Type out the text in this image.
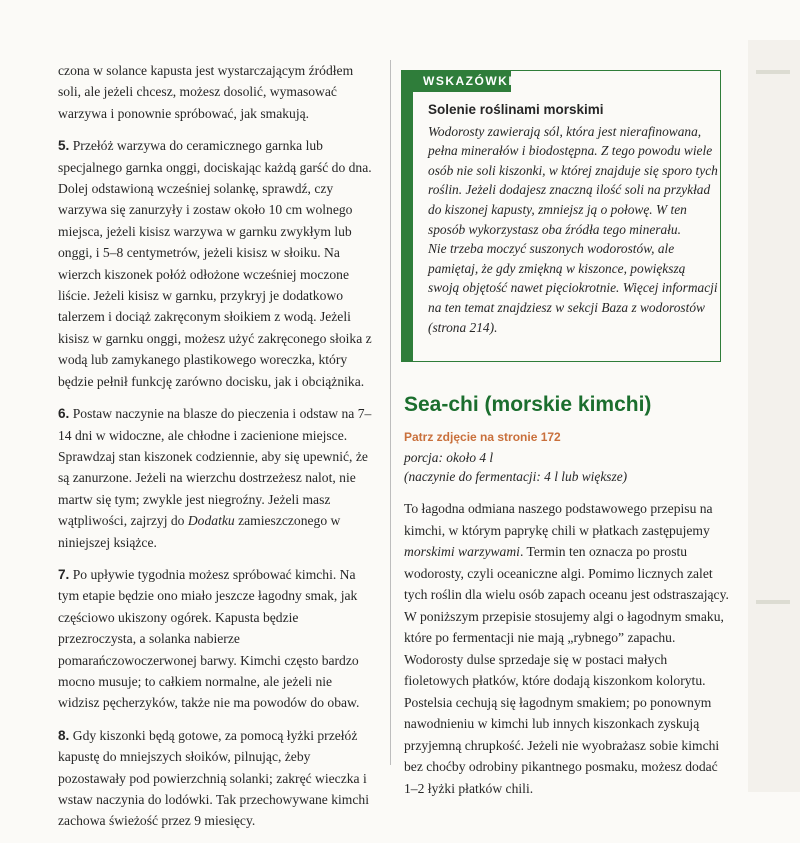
czona w solance kapusta jest wystarczającym źródłem soli, ale jeżeli chcesz, możesz dosolić, wymasować warzywa i ponownie spróbować, jak smakują.

5. Przełóż warzywa do ceramicznego garnka lub specjalnego garnka onggi, dociskając każdą garść do dna. Dolej odstawioną wcześniej solankę, sprawdź, czy warzywa się zanurzyły i zostaw około 10 cm wolnego miejsca, jeżeli kisisz warzywa w garnku zwykłym lub onggi, i 5–8 centymetrów, jeżeli kisisz w słoiku. Na wierzch kiszonek połóż odłożone wcześniej moczone liście. Jeżeli kisisz w garnku, przykryj je dodatkowo talerzem i dociąż zakręconym słoikiem z wodą. Jeżeli kisisz w garnku onggi, możesz użyć zakręconego słoika z wodą lub zamykanego plastikowego woreczka, który będzie pełnił funkcję zarówno docisku, jak i obciążnika.

6. Postaw naczynie na blasze do pieczenia i odstaw na 7–14 dni w widoczne, ale chłodne i zacienione miejsce. Sprawdzaj stan kiszonek codziennie, aby się upewnić, że są zanurzone. Jeżeli na wierzchu dostrzeżesz nalot, nie martw się tym; zwykle jest niegroźny. Jeżeli masz wątpliwości, zajrzyj do Dodatku zamieszczonego w niniejszej książce.

7. Po upływie tygodnia możesz spróbować kimchi. Na tym etapie będzie ono miało jeszcze łagodny smak, jak częściowo ukiszony ogórek. Kapusta będzie przezroczysta, a solanka nabierze pomarańczowoczerwonej barwy. Kimchi często bardzo mocno musuje; to całkiem normalne, ale jeżeli nie widzisz pęcherzyków, także nie ma powodów do obaw.

8. Gdy kiszonki będą gotowe, za pomocą łyżki przełóż kapustę do mniejszych słoików, pilnując, żeby pozostawały pod powierzchnią solanki; zakręć wieczka i wstaw naczynia do lodówki. Tak przechowywane kimchi zachowa świeżość przez 9 miesięcy.

WSKAZÓWKI

Solenie roślinami morskimi

Wodorosty zawierają sól, która jest nierafinowana, pełna minerałów i biodostępna. Z tego powodu wiele osób nie soli kiszonki, w której znajduje się sporo tych roślin. Jeżeli dodajesz znaczną ilość soli na przykład do kiszonej kapusty, zmniejsz ją o połowę. W ten sposób wykorzystasz oba źródła tego minerału.

Nie trzeba moczyć suszonych wodorostów, ale pamiętaj, że gdy zmiękną w kiszonce, powiększą swoją objętość nawet pięciokrotnie. Więcej informacji na ten temat znajdziesz w sekcji Baza z wodorostów (strona 214).

Sea-chi (morskie kimchi)

Patrz zdjęcie na stronie 172

porcja: około 4 l

(naczynie do fermentacji: 4 l lub większe)

To łagodna odmiana naszego podstawowego przepisu na kimchi, w którym paprykę chili w płatkach zastępujemy morskimi warzywami. Termin ten oznacza po prostu wodorosty, czyli oceaniczne algi. Pomimo licznych zalet tych roślin dla wielu osób zapach oceanu jest odstraszający. W poniższym przepisie stosujemy algi o łagodnym smaku, które po fermentacji nie mają „rybnego” zapachu. Wodorosty dulse sprzedaje się w postaci małych fioletowych płatków, które dodają kiszonkom kolorytu. Postelsia cechują się łagodnym smakiem; po ponownym nawodnieniu w kimchi lub innych kiszonkach zyskują przyjemną chrupkość. Jeżeli nie wyobrażasz sobie kimchi bez choćby odrobiny pikantnego posmaku, możesz dodać 1–2 łyżki płatków chili.
